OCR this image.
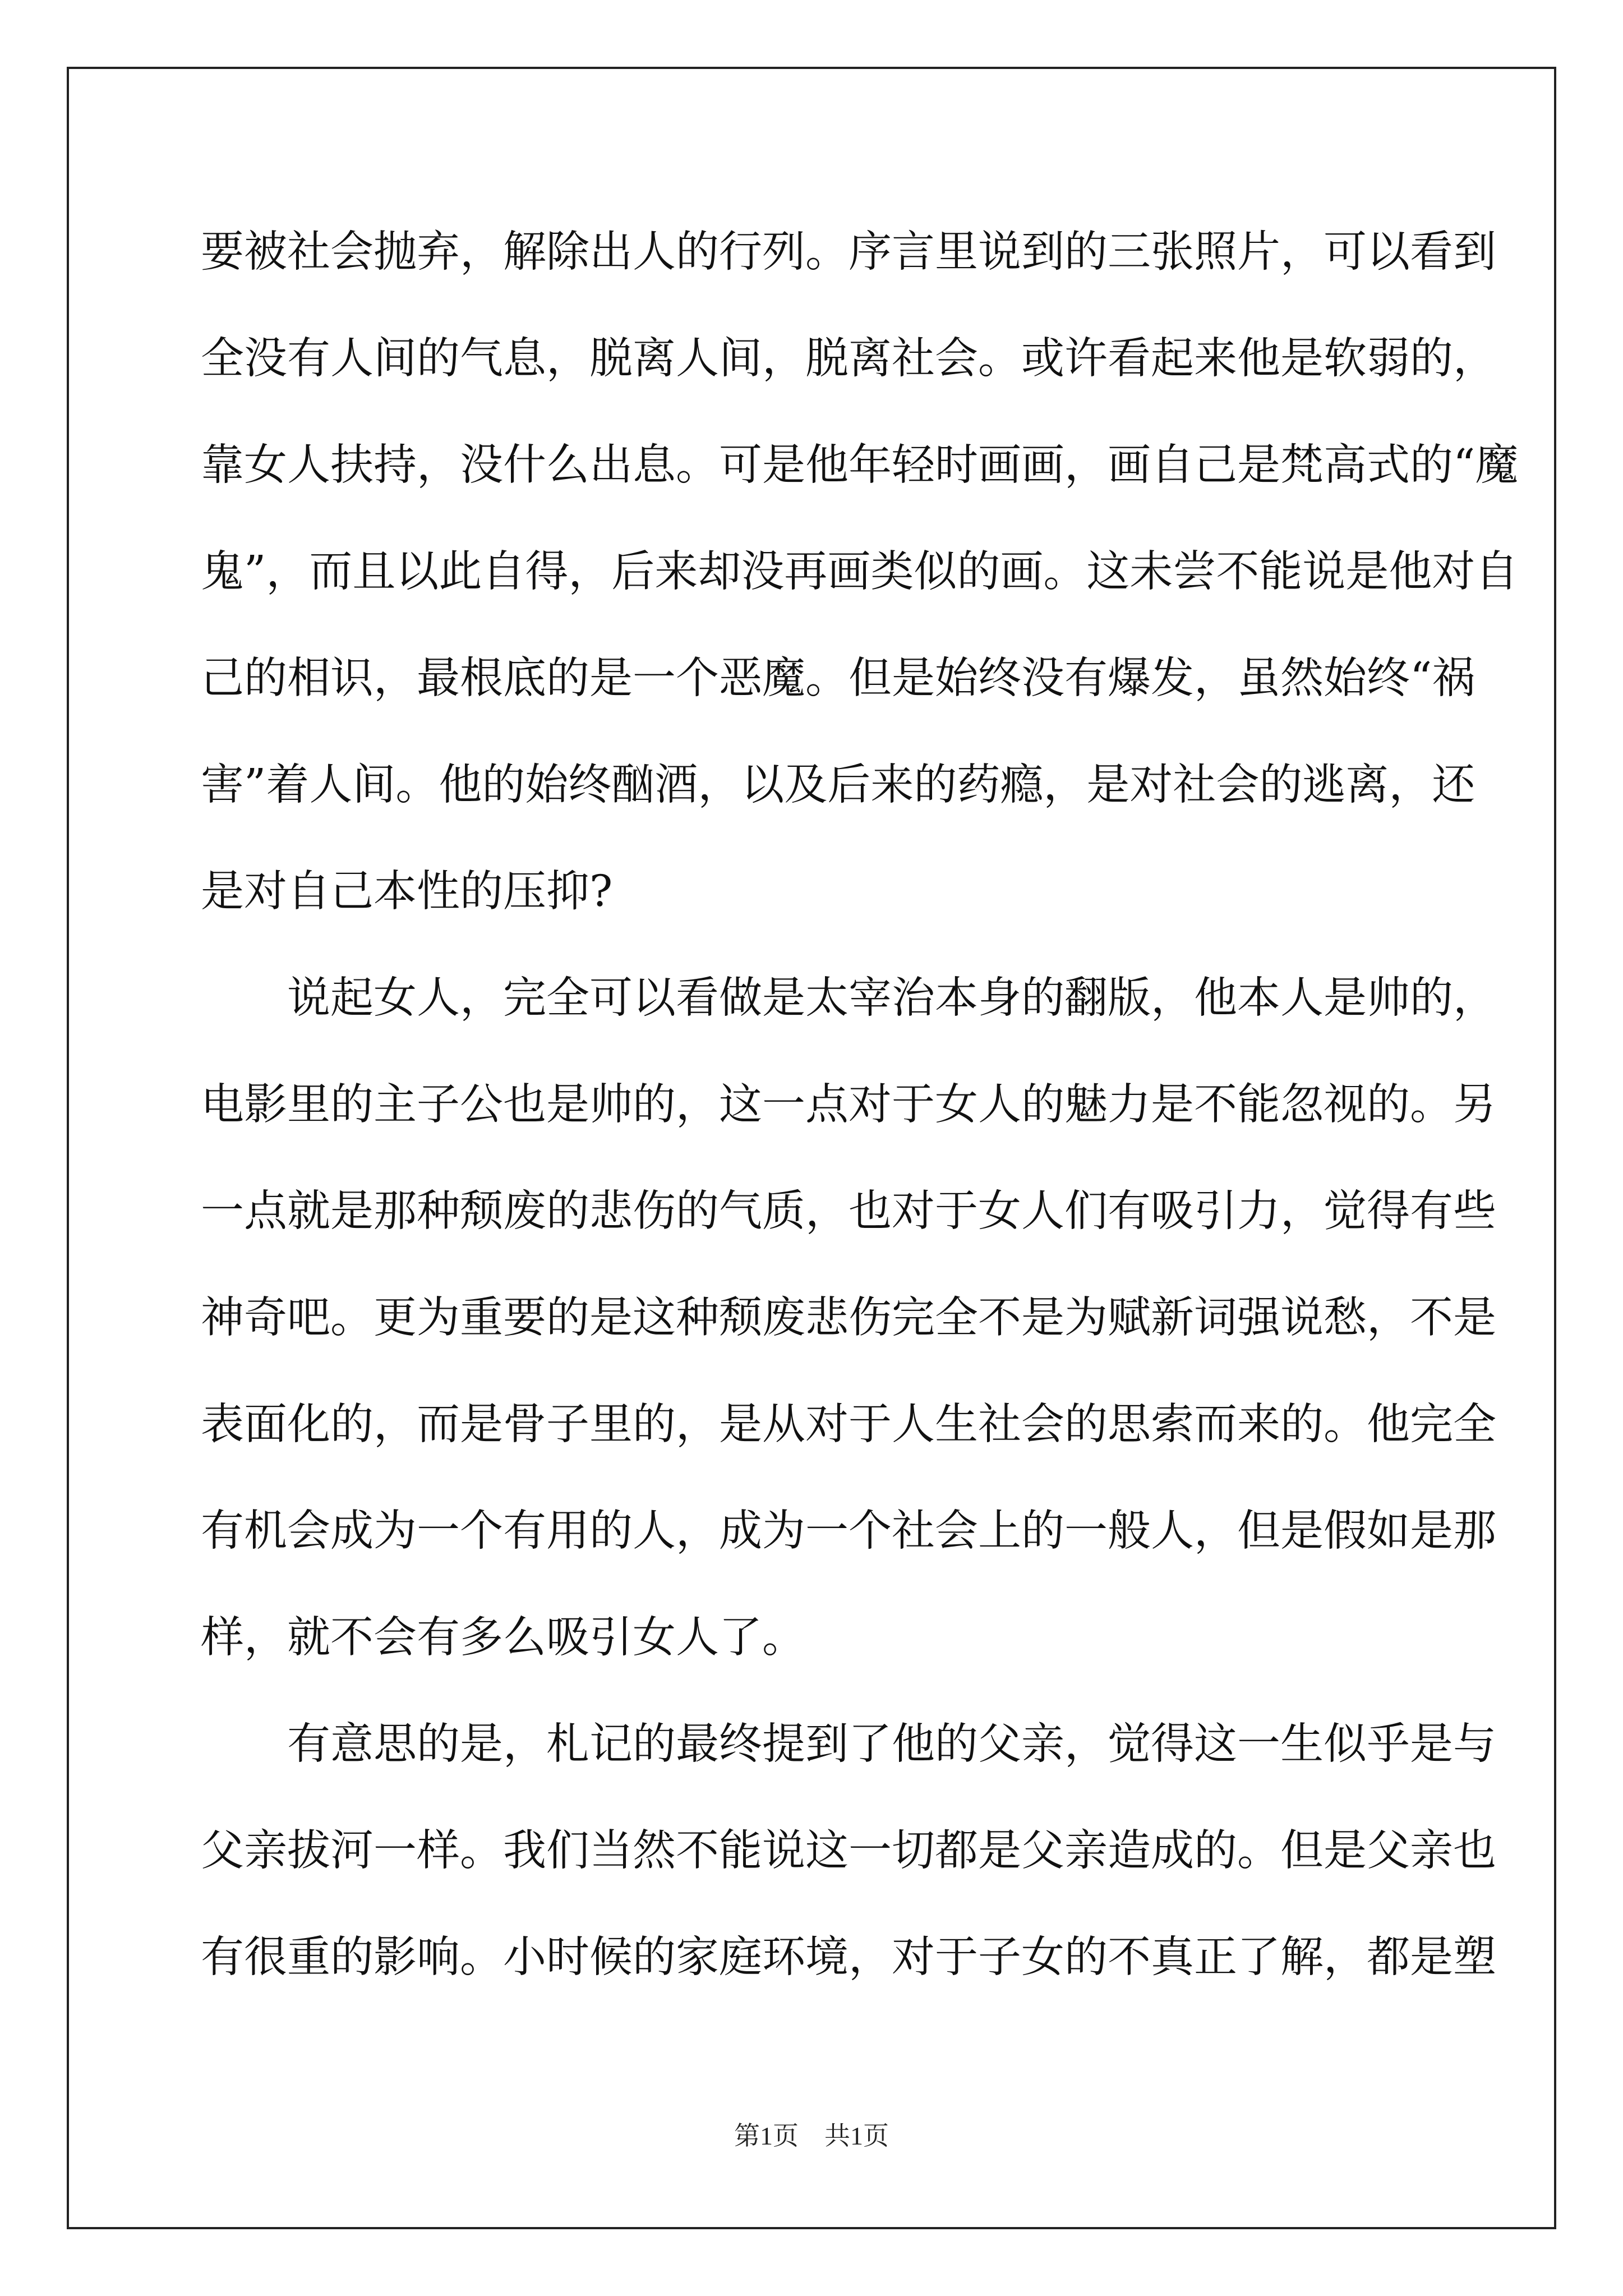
要被社会抛弃，解除出人的行列。序言里说到的三张照片，可以看到
全没有人间的气息，脱离人间，脱离社会。或许看起来他是软弱的，
靠女人扶持，没什么出息。可是他年轻时画画，画自己是梵高式的“魔
鬼”，而且以此自得，后来却没再画类似的画。这未尝不能说是他对自
己的相识，最根底的是一个恶魔。但是始终没有爆发，虽然始终“祸
害”着人间。他的始终酗酒，以及后来的药瘾，是对社会的逃离，还
是对自己本性的压抑?
　　说起女人，完全可以看做是太宰治本身的翻版，他本人是帅的，
电影里的主子公也是帅的，这一点对于女人的魅力是不能忽视的。另
一点就是那种颓废的悲伤的气质，也对于女人们有吸引力，觉得有些
神奇吧。更为重要的是这种颓废悲伤完全不是为赋新词强说愁，不是
表面化的，而是骨子里的，是从对于人生社会的思索而来的。他完全
有机会成为一个有用的人，成为一个社会上的一般人，但是假如是那
样，就不会有多么吸引女人了。
　　有意思的是，札记的最终提到了他的父亲，觉得这一生似乎是与
父亲拔河一样。我们当然不能说这一切都是父亲造成的。但是父亲也
有很重的影响。小时候的家庭环境，对于子女的不真正了解，都是塑
第1页　共1页
